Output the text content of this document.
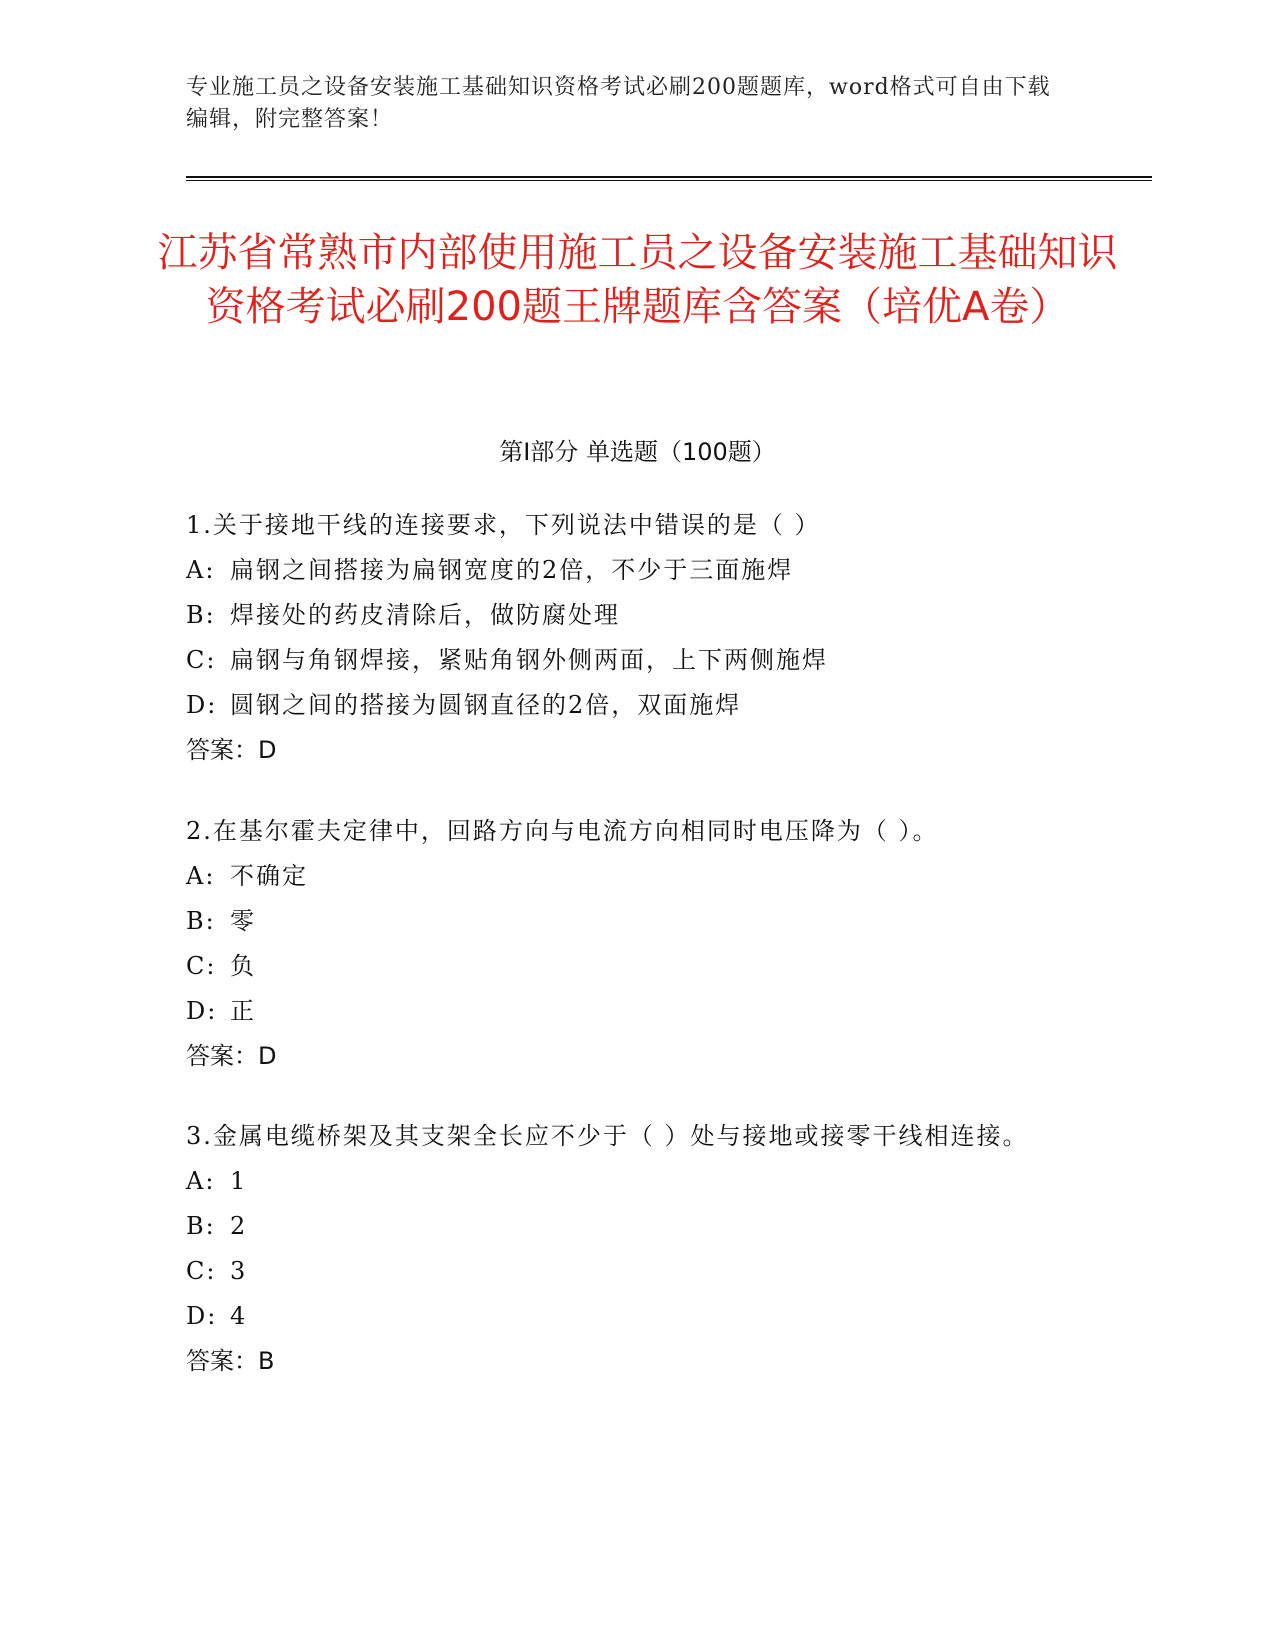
专业施工员之设备安装施工基础知识资格考试必刷200题题库，word格式可自由下载编辑，附完整答案！
江苏省常熟市内部使用施工员之设备安装施工基础知识资格考试必刷200题王牌题库含答案（培优A卷）
第I部分 单选题（100题）

1.关于接地干线的连接要求，下列说法中错误的是（ ）

A: 扁钢之间搭接为扁钢宽度的2倍，不少于三面施焊

B: 焊接处的药皮清除后，做防腐处理

C: 扁钢与角钢焊接，紧贴角钢外侧两面，上下两侧施焊

D: 圆钢之间的搭接为圆钢直径的2倍，双面施焊

答案：D

2.在基尔霍夫定律中，回路方向与电流方向相同时电压降为（ ）。

A: 不确定

B: 零

C: 负

D: 正

答案：D

3.金属电缆桥架及其支架全长应不少于（ ）处与接地或接零干线相连接。

A: 1

B: 2

C: 3

D: 4

答案：B
